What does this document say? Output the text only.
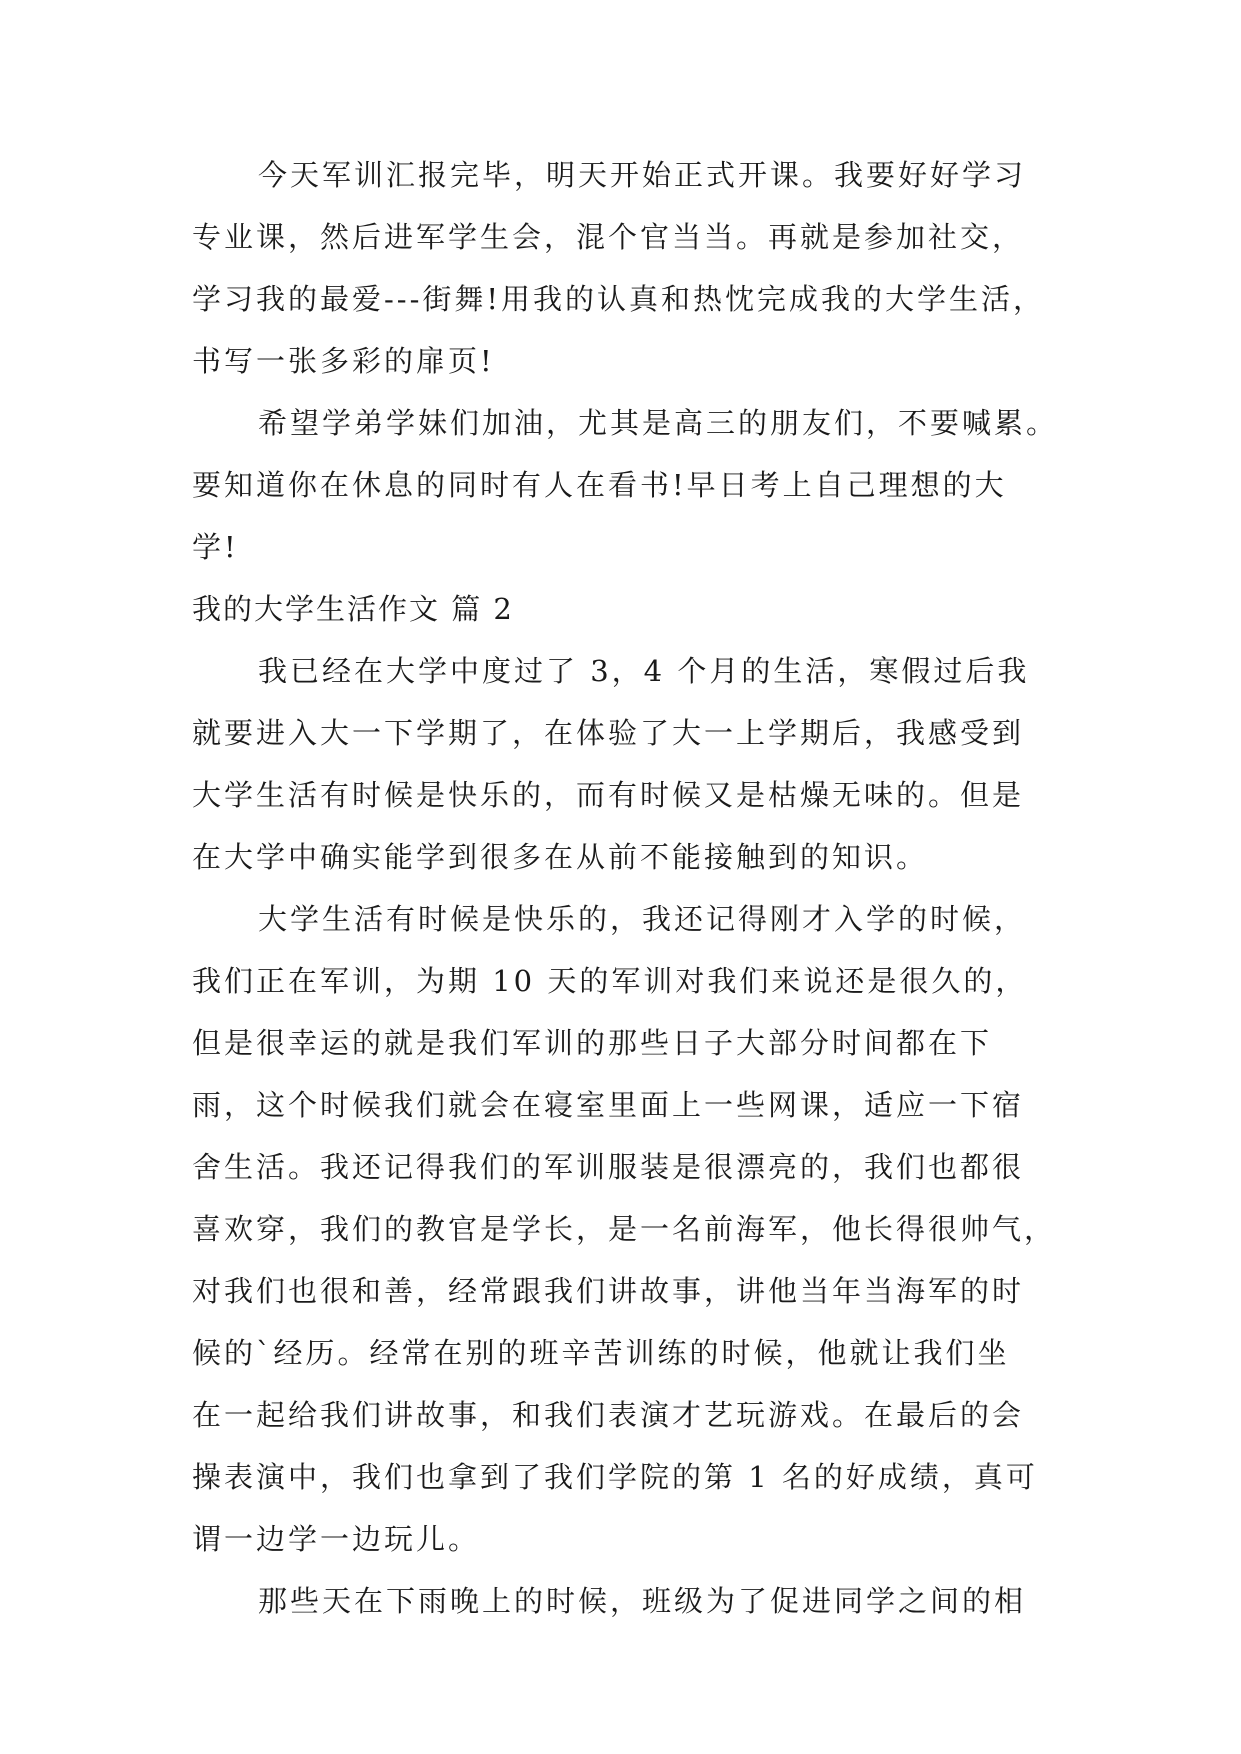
今天军训汇报完毕，明天开始正式开课。我要好好学习
专业课，然后进军学生会，混个官当当。再就是参加社交，
学习我的最爱---街舞!用我的认真和热忱完成我的大学生活，
书写一张多彩的扉页!
希望学弟学妹们加油，尤其是高三的朋友们，不要喊累。
要知道你在休息的同时有人在看书!早日考上自己理想的大
学!
我的大学生活作文 篇 2
我已经在大学中度过了 3，4 个月的生活，寒假过后我
就要进入大一下学期了，在体验了大一上学期后，我感受到
大学生活有时候是快乐的，而有时候又是枯燥无味的。但是
在大学中确实能学到很多在从前不能接触到的知识。
大学生活有时候是快乐的，我还记得刚才入学的时候，
我们正在军训，为期 10 天的军训对我们来说还是很久的，
但是很幸运的就是我们军训的那些日子大部分时间都在下
雨，这个时候我们就会在寝室里面上一些网课，适应一下宿
舍生活。我还记得我们的军训服装是很漂亮的，我们也都很
喜欢穿，我们的教官是学长，是一名前海军，他长得很帅气，
对我们也很和善，经常跟我们讲故事，讲他当年当海军的时
候的`经历。经常在别的班辛苦训练的时候，他就让我们坐
在一起给我们讲故事，和我们表演才艺玩游戏。在最后的会
操表演中，我们也拿到了我们学院的第 1 名的好成绩，真可
谓一边学一边玩儿。
那些天在下雨晚上的时候，班级为了促进同学之间的相
